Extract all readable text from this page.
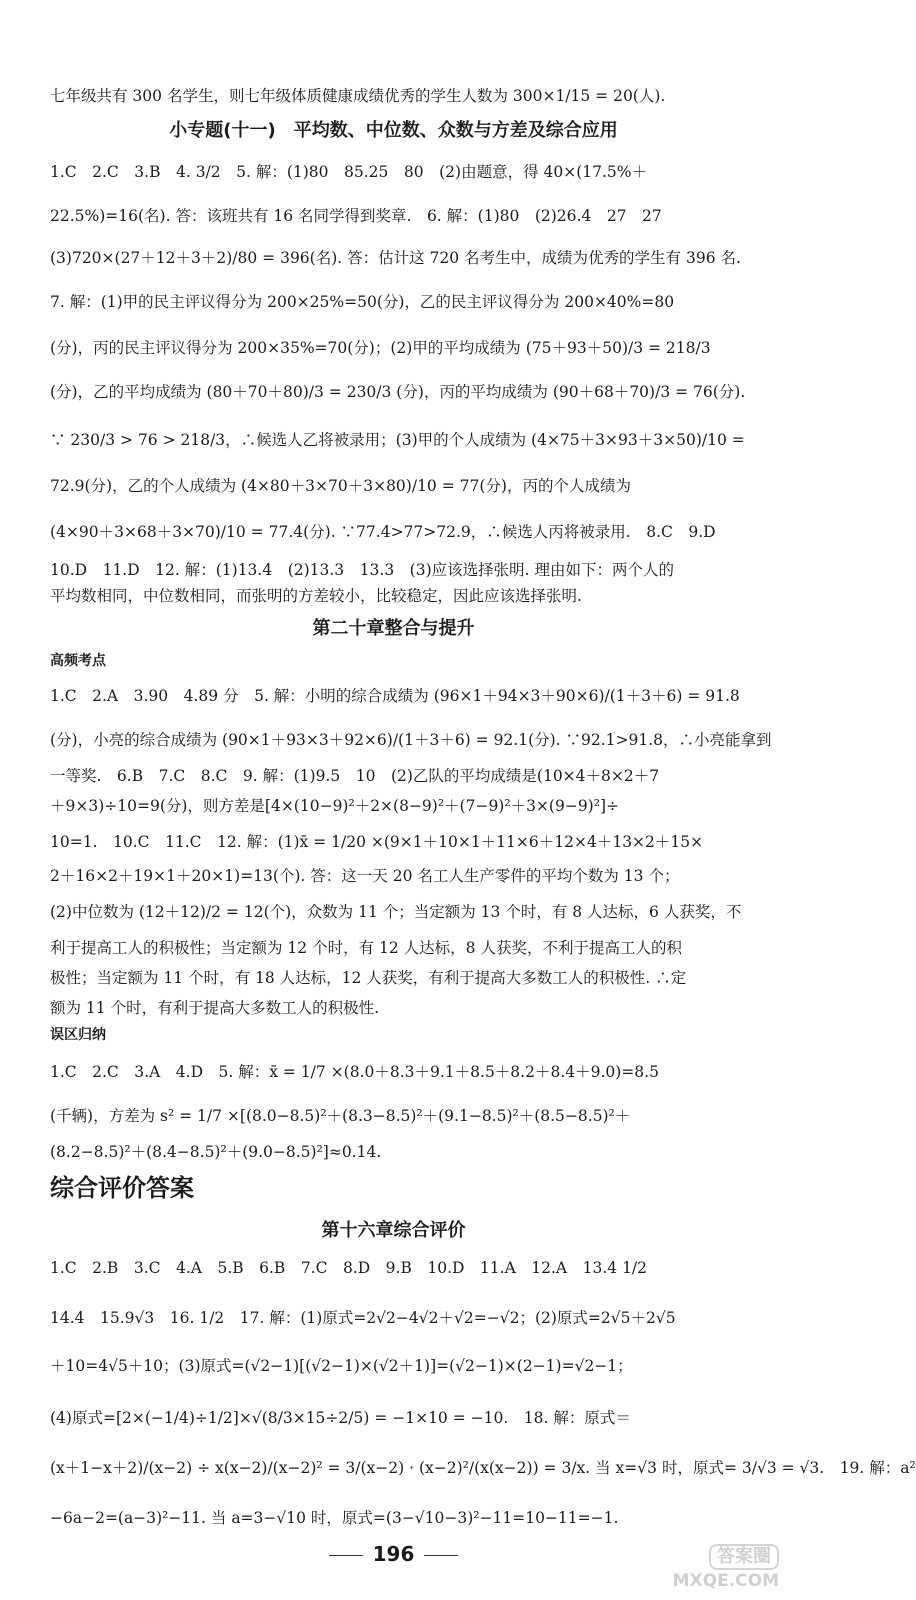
七年级共有 300 名学生，则七年级体质健康成绩优秀的学生人数为 300×1/15 = 20(人).
小专题(十一)　平均数、中位数、众数与方差及综合应用
1.C　2.C　3.B　4. 3/2　5. 解：(1)80　85.25　80　(2)由题意，得 40×(17.5%＋
22.5%)=16(名). 答：该班共有 16 名同学得到奖章.　6. 解：(1)80　(2)26.4　27　27
(3)720×(27＋12＋3＋2)/80 = 396(名). 答：估计这 720 名考生中，成绩为优秀的学生有 396 名.
7. 解：(1)甲的民主评议得分为 200×25%=50(分)，乙的民主评议得分为 200×40%=80
(分)，丙的民主评议得分为 200×35%=70(分)；(2)甲的平均成绩为 (75＋93＋50)/3 = 218/3
(分)，乙的平均成绩为 (80＋70＋80)/3 = 230/3 (分)，丙的平均成绩为 (90＋68＋70)/3 = 76(分).
∵ 230/3 > 76 > 218/3，∴候选人乙将被录用；(3)甲的个人成绩为 (4×75＋3×93＋3×50)/10 =
72.9(分)，乙的个人成绩为 (4×80＋3×70＋3×80)/10 = 77(分)，丙的个人成绩为
(4×90＋3×68＋3×70)/10 = 77.4(分). ∵77.4>77>72.9，∴候选人丙将被录用.　8.C　9.D
10.D　11.D　12. 解：(1)13.4　(2)13.3　13.3　(3)应该选择张明. 理由如下：两个人的
平均数相同，中位数相同，而张明的方差较小，比较稳定，因此应该选择张明.
第二十章整合与提升
高频考点
1.C　2.A　3.90　4.89 分　5. 解：小明的综合成绩为 (96×1＋94×3＋90×6)/(1＋3＋6) = 91.8
(分)，小亮的综合成绩为 (90×1＋93×3＋92×6)/(1＋3＋6) = 92.1(分). ∵92.1>91.8，∴小亮能拿到
一等奖.　6.B　7.C　8.C　9. 解：(1)9.5　10　(2)乙队的平均成绩是(10×4＋8×2＋7
＋9×3)÷10=9(分)，则方差是[4×(10−9)²＋2×(8−9)²＋(7−9)²＋3×(9−9)²]÷
10=1.　10.C　11.C　12. 解：(1)x̄ = 1/20 ×(9×1＋10×1＋11×6＋12×4＋13×2＋15×
2＋16×2＋19×1＋20×1)=13(个). 答：这一天 20 名工人生产零件的平均个数为 13 个；
(2)中位数为 (12＋12)/2 = 12(个)，众数为 11 个；当定额为 13 个时，有 8 人达标，6 人获奖，不
利于提高工人的积极性；当定额为 12 个时，有 12 人达标，8 人获奖，不利于提高工人的积
极性；当定额为 11 个时，有 18 人达标，12 人获奖，有利于提高大多数工人的积极性. ∴定
额为 11 个时，有利于提高大多数工人的积极性.
误区归纳
1.C　2.C　3.A　4.D　5. 解：x̄ = 1/7 ×(8.0＋8.3＋9.1＋8.5＋8.2＋8.4＋9.0)=8.5
(千辆)，方差为 s² = 1/7 ×[(8.0−8.5)²＋(8.3−8.5)²＋(9.1−8.5)²＋(8.5−8.5)²＋
(8.2−8.5)²＋(8.4−8.5)²＋(9.0−8.5)²]≈0.14.
综合评价答案
第十六章综合评价
1.C　2.B　3.C　4.A　5.B　6.B　7.C　8.D　9.B　10.D　11.A　12.A　13.4 1/2
14.4　15.9√3　16. 1/2　17. 解：(1)原式=2√2−4√2＋√2=−√2；(2)原式=2√5＋2√5
＋10=4√5＋10；(3)原式=(√2−1)[(√2−1)×(√2＋1)]=(√2−1)×(2−1)=√2−1；
(4)原式=[2×(−1/4)÷1/2]×√(8/3×15÷2/5) = −1×10 = −10.　18. 解：原式＝
(x＋1−x＋2)/(x−2) ÷ x(x−2)/(x−2)² = 3/(x−2) · (x−2)²/(x(x−2)) = 3/x. 当 x=√3 时，原式= 3/√3 = √3.　19. 解：a²
−6a−2=(a−3)²−11. 当 a=3−√10 时，原式=(3−√10−3)²−11=10−11=−1.
196	答案圈
MXQE.COM
